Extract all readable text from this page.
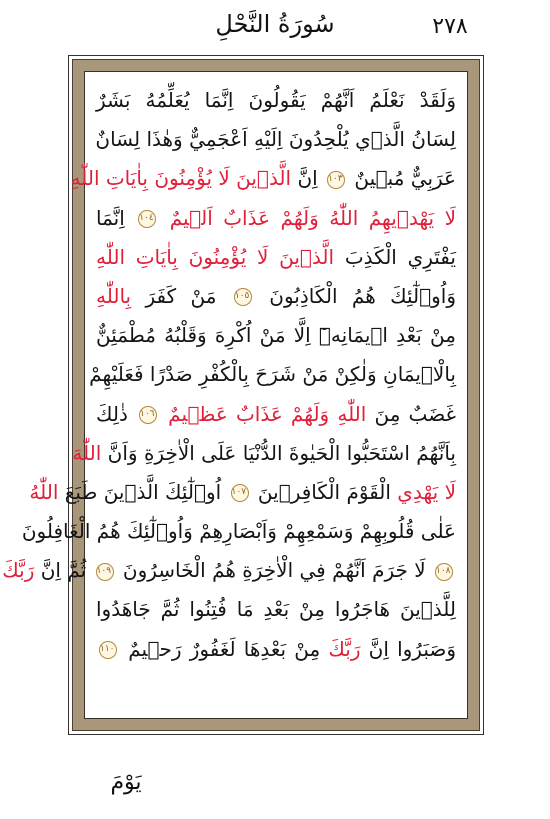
٢٧٨
سُورَةُ النَّحْلِ
وَلَقَدْ نَعْلَمُ اَنَّهُمْ يَقُولُونَ اِنَّمَا يُعَلِّمُهُ بَشَرٌ
لِسَانُ الَّذ۪ي يُلْحِدُونَ اِلَيْهِ اَعْجَمِيٌّ وَهٰذَا لِسَانٌ
عَرَبِيٌّ مُب۪ينٌ ١٠٣ اِنَّ الَّذ۪ينَ لَا يُؤْمِنُونَ بِاٰيَاتِ اللّٰهِ
لَا يَهْد۪يهِمُ اللّٰهُ وَلَهُمْ عَذَابٌ اَل۪يمٌ ١٠٤ اِنَّمَا
يَفْتَرِي الْكَذِبَ الَّذ۪ينَ لَا يُؤْمِنُونَ بِاٰيَاتِ اللّٰهِ
وَاُو۬لٰٓئِكَ هُمُ الْكَاذِبُونَ ١٠٥ مَنْ كَفَرَ بِاللّٰهِ
مِنْ بَعْدِ ا۪يمَانِه۪ٓ اِلَّا مَنْ اُكْرِهَ وَقَلْبُهُ مُطْمَئِنٌّ
بِالْا۪يمَانِ وَلٰكِنْ مَنْ شَرَحَ بِالْكُفْرِ صَدْرًا فَعَلَيْهِمْ
غَضَبٌ مِنَ اللّٰهِ وَلَهُمْ عَذَابٌ عَظ۪يمٌ ١٠٦ ذٰلِكَ
بِاَنَّهُمُ اسْتَحَبُّوا الْحَيٰوةَ الدُّنْيَا عَلَى الْاٰخِرَةِ وَاَنَّ اللّٰهَ
لَا يَهْدِي الْقَوْمَ الْكَافِر۪ينَ ١٠٧ اُو۬لٰٓئِكَ الَّذ۪ينَ طَبَعَ اللّٰهُ
عَلٰى قُلُوبِهِمْ وَسَمْعِهِمْ وَاَبْصَارِهِمْ وَاُو۬لٰٓئِكَ هُمُ الْغَافِلُونَ
١٠٨ لَا جَرَمَ اَنَّهُمْ فِي الْاٰخِرَةِ هُمُ الْخَاسِرُونَ ١٠٩ ثُمَّ اِنَّ رَبَّكَ
لِلَّذ۪ينَ هَاجَرُوا مِنْ بَعْدِ مَا فُتِنُوا ثُمَّ جَاهَدُوا
وَصَبَرُوا اِنَّ رَبَّكَ مِنْ بَعْدِهَا لَغَفُورٌ رَح۪يمٌ ١١٠
يَوْمَ
